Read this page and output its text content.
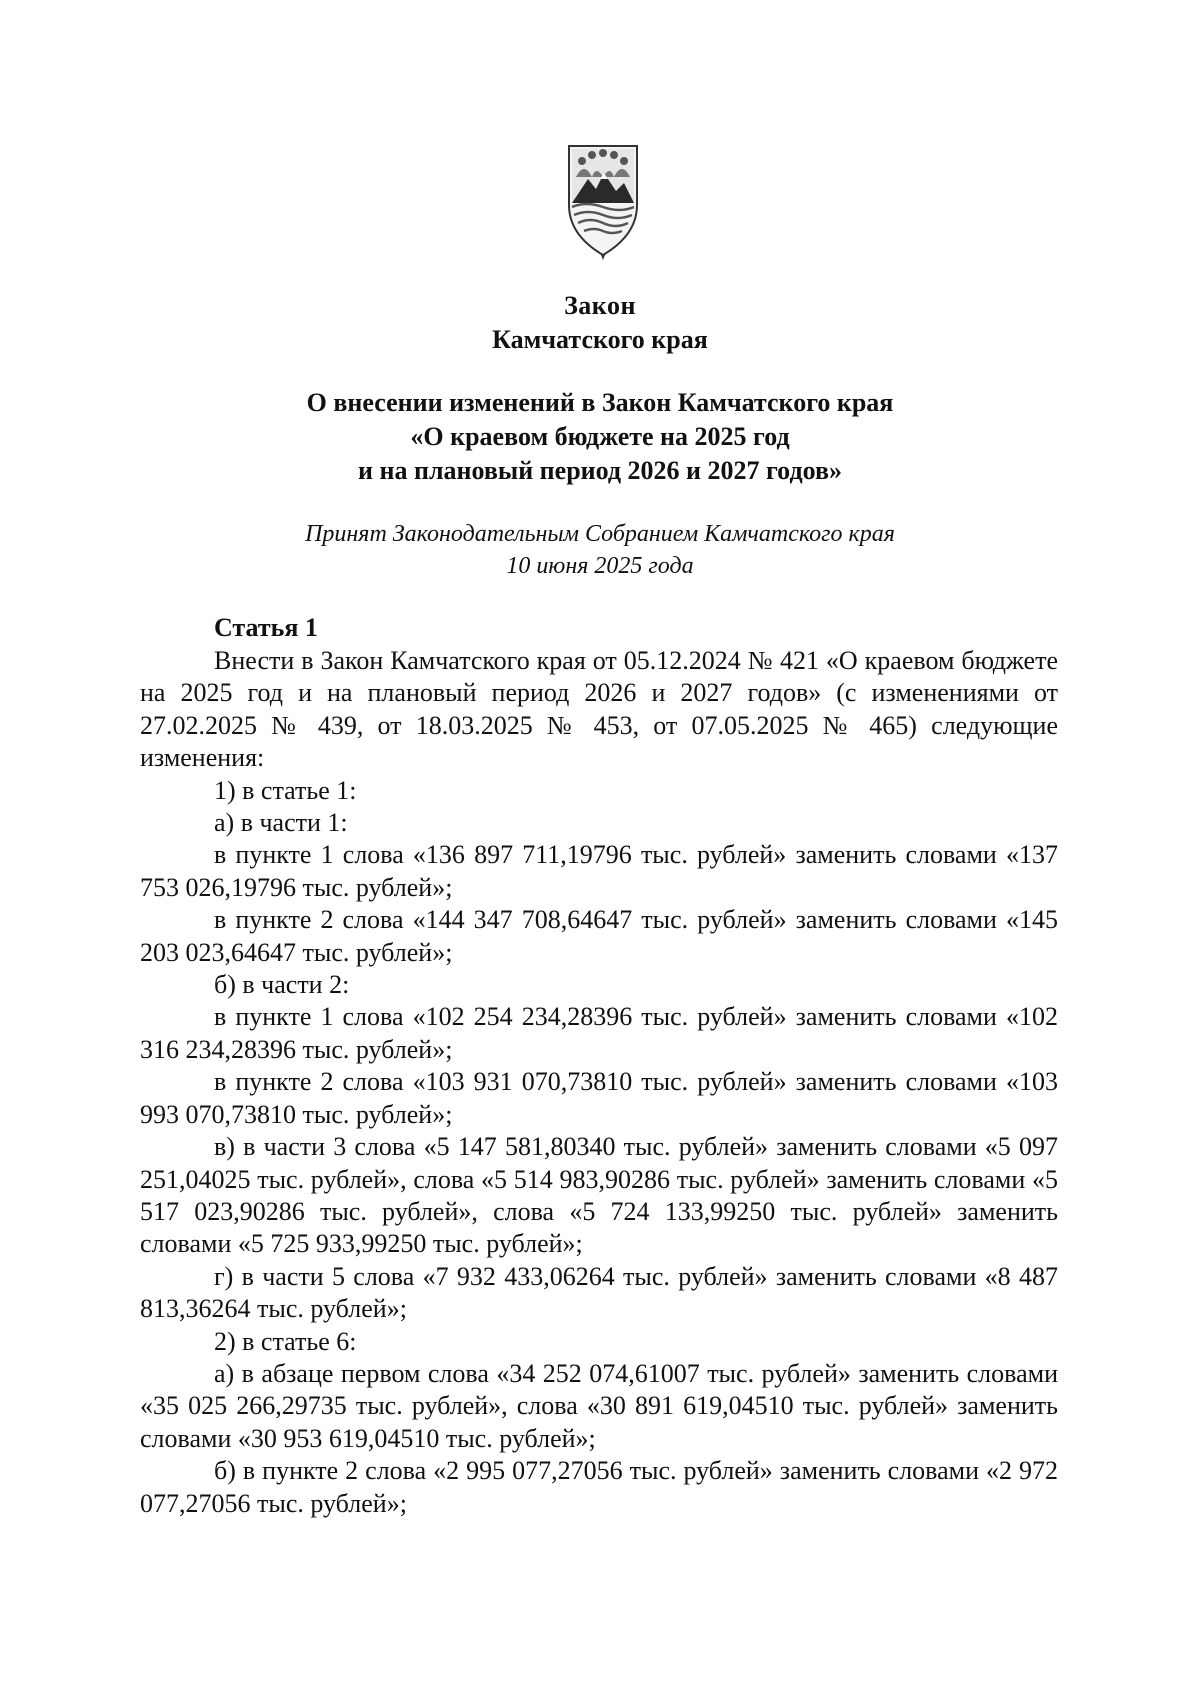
Закон
Камчатского края
О внесении изменений в Закон Камчатского края
«О краевом бюджете на 2025 год
и на плановый период 2026 и 2027 годов»
Принят Законодательным Собранием Камчатского края
10 июня 2025 года
Статья 1

Внести в Закон Камчатского края от 05.12.2024 № 421 «О краевом бюджете на 2025 год и на плановый период 2026 и 2027 годов» (с изменениями от 27.02.2025 № 439, от 18.03.2025 № 453, от 07.05.2025 № 465) следующие изменения:

1) в статье 1:

а) в части 1:

в пункте 1 слова «136 897 711,19796 тыс. рублей» заменить словами «137 753 026,19796 тыс. рублей»;

в пункте 2 слова «144 347 708,64647 тыс. рублей» заменить словами «145 203 023,64647 тыс. рублей»;

б) в части 2:

в пункте 1 слова «102 254 234,28396 тыс. рублей» заменить словами «102 316 234,28396 тыс. рублей»;

в пункте 2 слова «103 931 070,73810 тыс. рублей» заменить словами «103 993 070,73810 тыс. рублей»;

в) в части 3 слова «5 147 581,80340 тыс. рублей» заменить словами «5 097 251,04025 тыс. рублей», слова «5 514 983,90286 тыс. рублей» заменить словами «5 517 023,90286 тыс. рублей», слова «5 724 133,99250 тыс. рублей» заменить словами «5 725 933,99250 тыс. рублей»;

г) в части 5 слова «7 932 433,06264 тыс. рублей» заменить словами «8 487 813,36264 тыс. рублей»;

2) в статье 6:

а) в абзаце первом слова «34 252 074,61007 тыс. рублей» заменить словами «35 025 266,29735 тыс. рублей», слова «30 891 619,04510 тыс. рублей» заменить словами «30 953 619,04510 тыс. рублей»;

б) в пункте 2 слова «2 995 077,27056 тыс. рублей» заменить словами «2 972 077,27056 тыс. рублей»;
